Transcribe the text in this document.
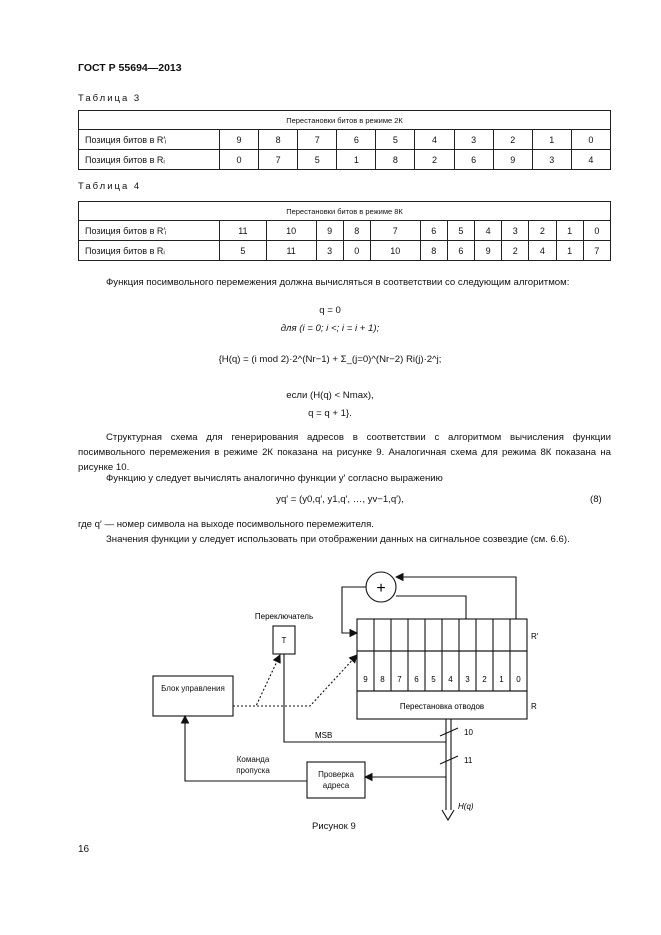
ГОСТ Р 55694—2013
Таблица 3
Перестановки битов в режиме 2К										
Позиция битов в R′ᵢ	9	8	7	6	5	4	3	2	1	0
Позиция битов в Rᵢ	0	7	5	1	8	2	6	9	3	4
Таблица 4
Перестановки битов в режиме 8К												
Позиция битов в R′ᵢ	11	10	9	8	7	6	5	4	3	2	1	0
Позиция битов в Rᵢ	5	11	3	0	10	8	6	9	2	4	1	7
Функция посимвольного перемежения должна вычисляться в соответствии со следующим алгоритмом:
q = 0
для (i = 0; i <; i = i + 1);
{H(q) = (i mod 2)·2^(Nr−1) + Σ_(j=0)^(Nr−2) Ri(j)·2^j;
если (H(q) < Nmax),
q = q + 1}.
Структурная схема для генерирования адресов в соответствии с алгоритмом вычисления функции посимвольного перемежения в режиме 2К показана на рисунке 9. Аналогичная схема для режима 8К показана на рисунке 10.
Функцию у следует вычислять аналогично функции у′ согласно выражению
yq′ = (y0,q′, y1,q′, …, yv−1,q′),	(8)
где q′ — номер символа на выходе посимвольного перемежителя.
Значения функции у следует использовать при отображении данных на сигнальное созвездие (см. 6.6).
+
9 8 7 6 5 4 3 2 1 0
Перестановка отводов
R′
R
T
Переключатель
MSB	10
11
H(q)
Блок управления
Проверка адреса
Команда пропуска
Рисунок 9
16
